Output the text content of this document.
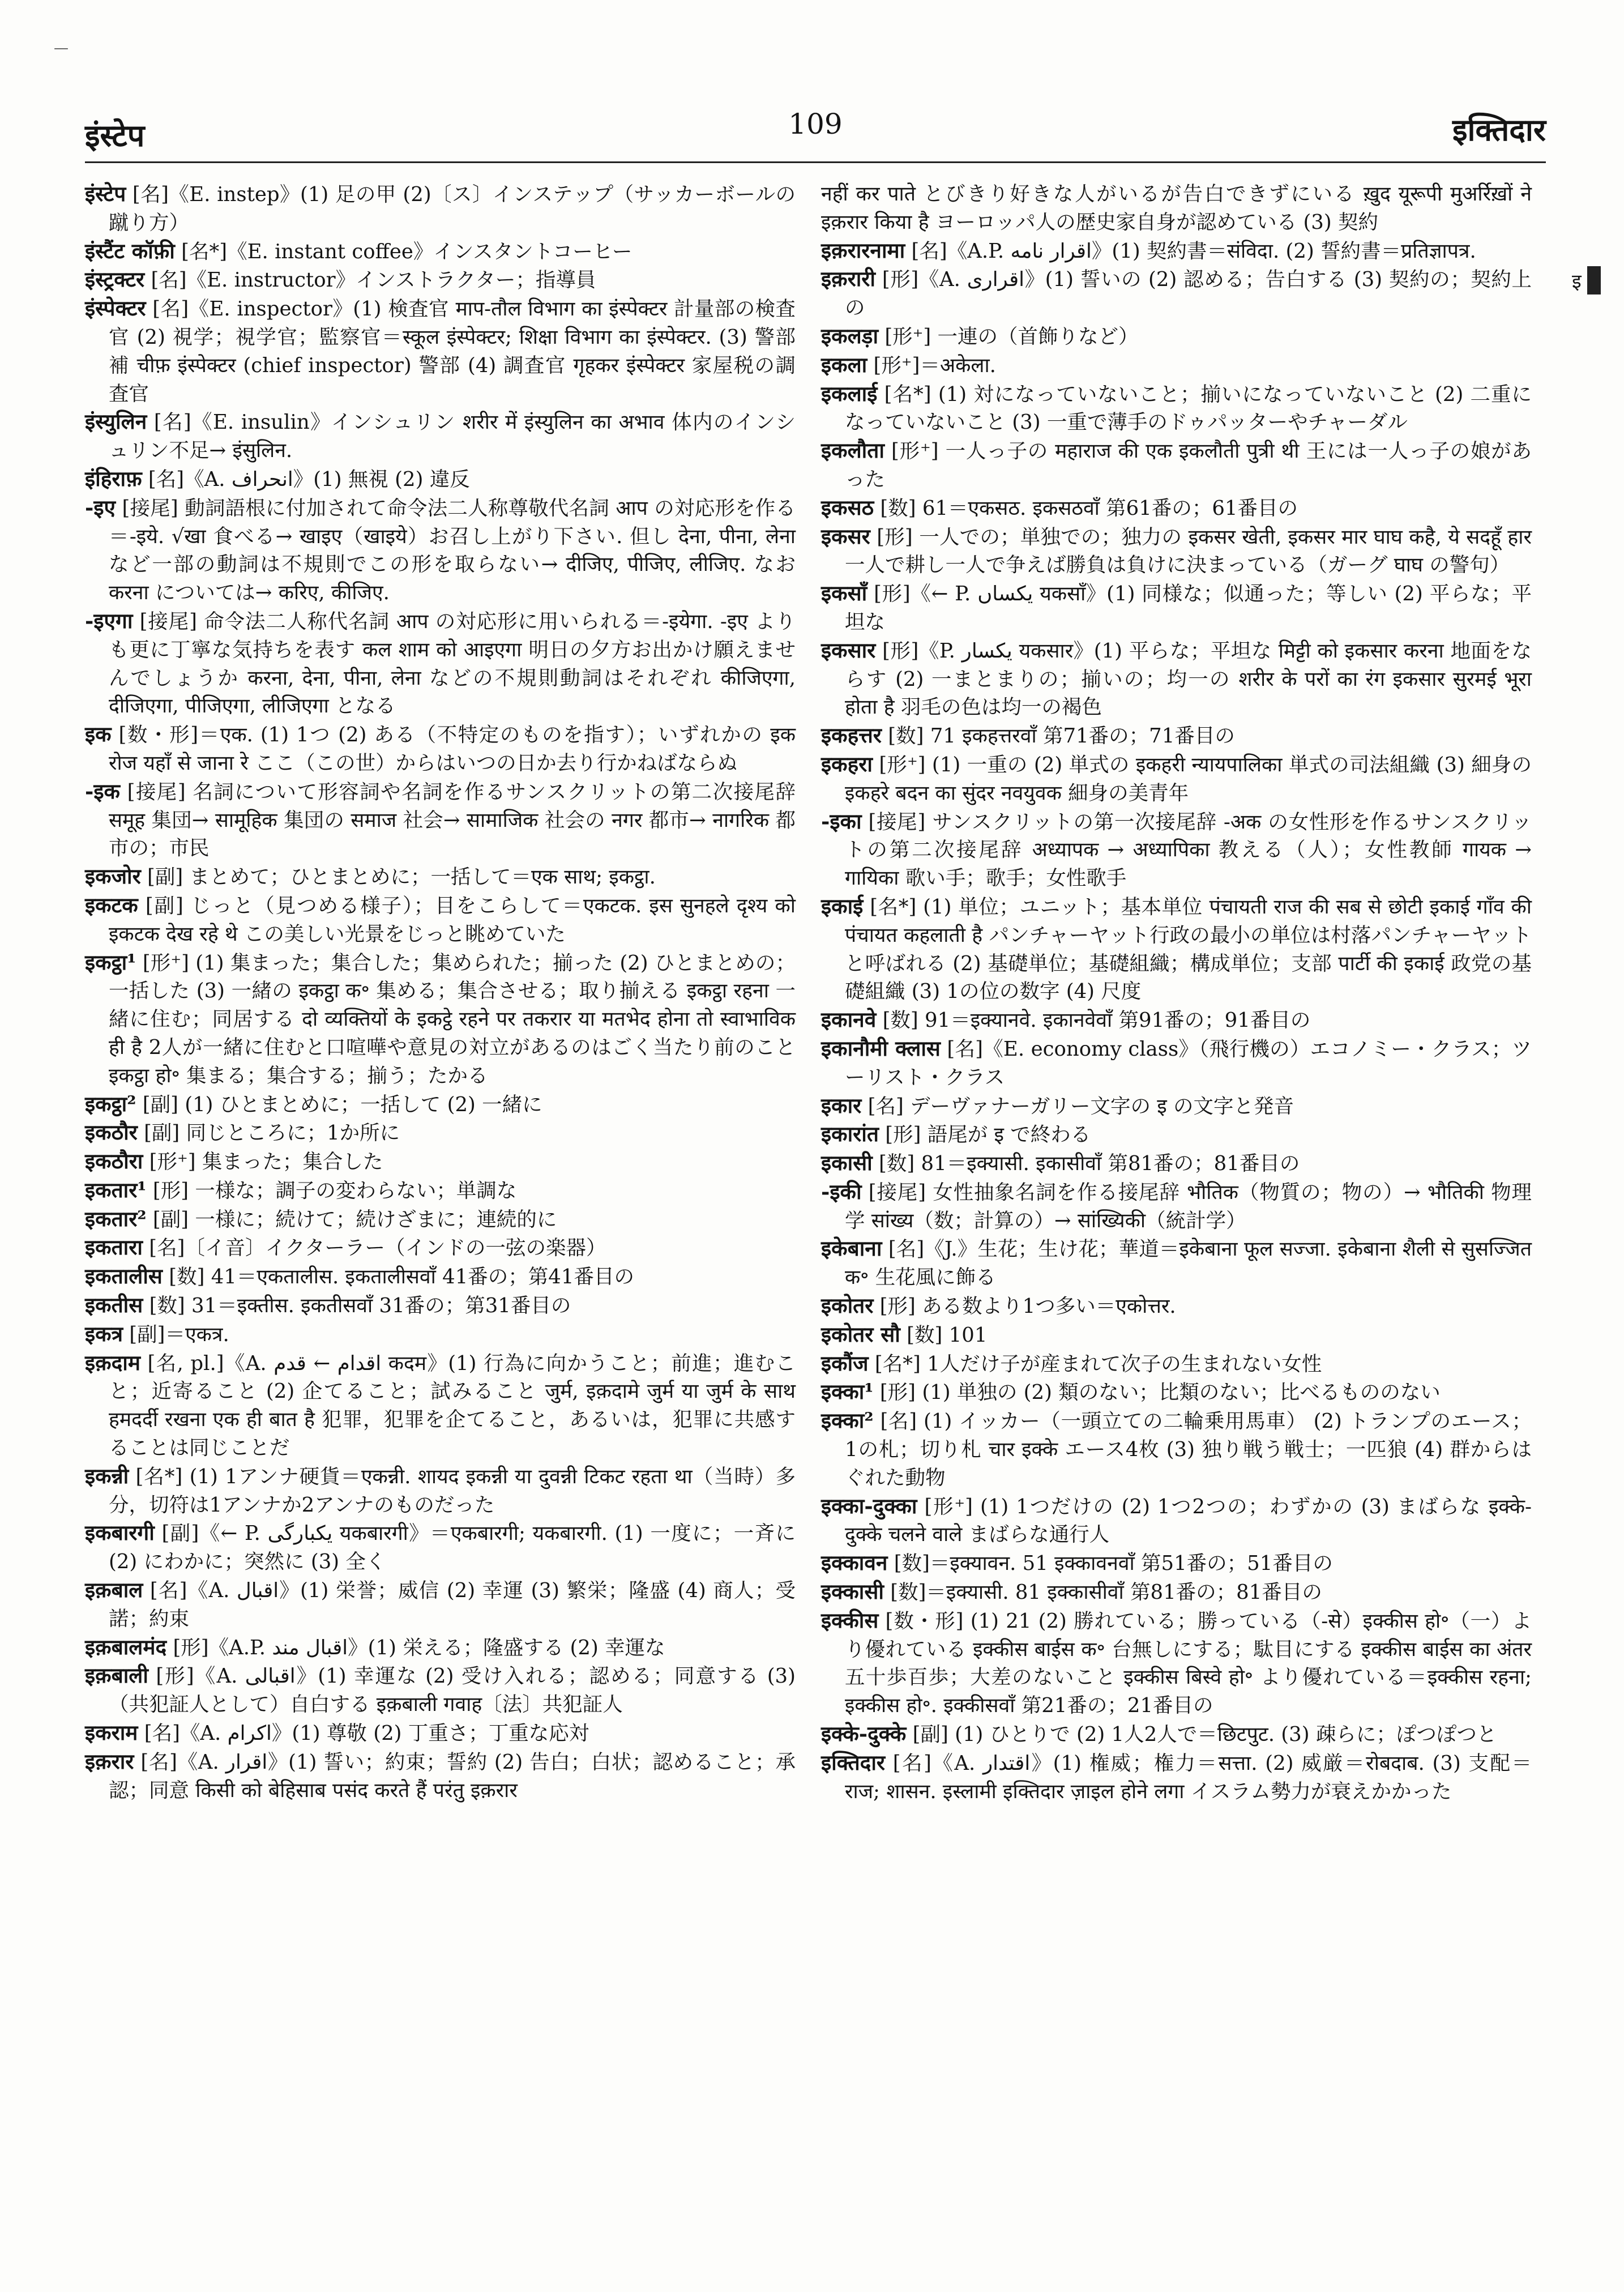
—
इंस्टेप	109	इक्तिदार
इ

इंस्टेप [名]《E. instep》(1) 足の甲 (2)〔ス〕インステップ（サッカーボールの蹴り方）

इंस्टैंट कॉफ़ी [名*]《E. instant coffee》インスタントコーヒー

इंस्ट्रक्टर [名]《E. instructor》インストラクター；指導員

इंस्पेक्टर [名]《E. inspector》(1) 検査官 माप-तौल विभाग का इंस्पेक्टर 計量部の検査官 (2) 視学；視学官；監察官＝स्कूल इंस्पेक्टर; शिक्षा विभाग का इंस्पेक्टर. (3) 警部補 चीफ़ इंस्पेक्टर (chief inspector) 警部 (4) 調査官 गृहकर इंस्पेक्टर 家屋税の調査官

इंस्युलिन [名]《E. insulin》インシュリン शरीर में इंस्युलिन का अभाव 体内のインシュリン不足→ इंसुलिन.

इंहिराफ़ [名]《A. انحراف》(1) 無視 (2) 違反

-इए [接尾] 動詞語根に付加されて命令法二人称尊敬代名詞 आप の対応形を作る＝-इये. √खा 食べる→ खाइए（खाइये）お召し上がり下さい. 但し देना, पीना, लेना など一部の動詞は不規則でこの形を取らない→ दीजिए, पीजिए, लीजिए. なお करना については→ करिए, कीजिए.

-इएगा [接尾] 命令法二人称代名詞 आप の対応形に用いられる＝-इयेगा. -इए よりも更に丁寧な気持ちを表す कल शाम को आइएगा 明日の夕方お出かけ願えませんでしょうか करना, देना, पीना, लेना などの不規則動詞はそれぞれ कीजिएगा, दीजिएगा, पीजिएगा, लीजिएगा となる

इक [数・形]＝एक. (1) 1つ (2) ある（不特定のものを指す）；いずれかの इक रोज यहाँ से जाना रे ここ（この世）からはいつの日か去り行かねばならぬ

-इक [接尾] 名詞について形容詞や名詞を作るサンスクリットの第二次接尾辞 समूह 集団→ सामूहिक 集団の समाज 社会→ सामाजिक 社会の नगर 都市→ नागरिक 都市の；市民

इकजोर [副] まとめて；ひとまとめに；一括して＝एक साथ; इकट्ठा.

इकटक [副] じっと（見つめる様子）；目をこらして＝एकटक. इस सुनहले दृश्य को इकटक देख रहे थे この美しい光景をじっと眺めていた

इकट्ठा¹ [形⁺] (1) 集まった；集合した；集められた；揃った (2) ひとまとめの；一括した (3) 一緒の इकट्ठा क॰ 集める；集合させる；取り揃える इकट्ठा रहना 一緒に住む；同居する दो व्यक्तियों के इकट्ठे रहने पर तकरार या मतभेद होना तो स्वाभाविक ही है 2人が一緒に住むと口喧嘩や意見の対立があるのはごく当たり前のこと इकट्ठा हो॰ 集まる；集合する；揃う；たかる

इकट्ठा² [副] (1) ひとまとめに；一括して (2) 一緒に

इकठौर [副] 同じところに；1か所に

इकठौरा [形⁺] 集まった；集合した

इकतार¹ [形] 一様な；調子の変わらない；単調な

इकतार² [副] 一様に；続けて；続けざまに；連続的に

इकतारा [名]〔イ音〕イクターラー（インドの一弦の楽器）

इकतालीस [数] 41＝एकतालीस. इकतालीसवाँ 41番の；第41番目の

इकतीस [数] 31＝इक्तीस. इकतीसवाँ 31番の；第31番目の

इकत्र [副]＝एकत्र.

इक़दाम [名, pl.]《A. اقدام ← قدم कदम》(1) 行為に向かうこと；前進；進むこと；近寄ること (2) 企てること；試みること जुर्म, इक़दामे जुर्म या जुर्म के साथ हमदर्दी रखना एक ही बात है 犯罪，犯罪を企てること，あるいは，犯罪に共感することは同じことだ

इकन्नी [名*] (1) 1アンナ硬貨＝एकन्नी. शायद इकन्नी या दुवन्नी टिकट रहता था（当時）多分，切符は1アンナか2アンナのものだった

इकबारगी [副]《← P. یکبارگی यकबारगी》＝एकबारगी; यकबारगी. (1) 一度に；一斉に (2) にわかに；突然に (3) 全く

इक़बाल [名]《A. اقبال》(1) 栄誉；威信 (2) 幸運 (3) 繁栄；隆盛 (4) 商人；受諾；約束

इक़बालमंद [形]《A.P. اقبال مند》(1) 栄える；隆盛する (2) 幸運な

इक़बाली [形]《A. اقبالی》(1) 幸運な (2) 受け入れる；認める；同意する (3)（共犯証人として）自白する इक़बाली गवाह〔法〕共犯証人

इकराम [名]《A. اکرام》(1) 尊敬 (2) 丁重さ；丁重な応対

इक़रार [名]《A. اقرار》(1) 誓い；約束；誓約 (2) 告白；白状；認めること；承認；同意 किसी को बेहिसाब पसंद करते हैं परंतु इक़रार

नहीं कर पाते とびきり好きな人がいるが告白できずにいる ख़ुद यूरूपी मुअर्रिख़ों ने इक़रार किया है ヨーロッパ人の歴史家自身が認めている (3) 契約

इक़रारनामा [名]《A.P. اقرار نامه》(1) 契約書＝संविदा. (2) 誓約書＝प्रतिज्ञापत्र.

इक़रारी [形]《A. اقراری》(1) 誓いの (2) 認める；告白する (3) 契約の；契約上の

इकलड़ा [形⁺] 一連の（首飾りなど）

इकला [形⁺]＝अकेला.

इकलाई [名*] (1) 対になっていないこと；揃いになっていないこと (2) 二重になっていないこと (3) 一重で薄手のドゥパッターやチャーダル

इकलौता [形⁺] 一人っ子の महाराज की एक इकलौती पुत्री थी 王には一人っ子の娘があった

इकसठ [数] 61＝एकसठ. इकसठवाँ 第61番の；61番目の

इकसर [形] 一人での；単独での；独力の इकसर खेती, इकसर मार घाघ कहै, ये सदहूँ हार 一人で耕し一人で争えば勝負は負けに決まっている（ガーグ घाघ の警句）

इकसाँ [形]《← P. یکساں यकसाँ》(1) 同様な；似通った；等しい (2) 平らな；平坦な

इकसार [形]《P. یکسار यकसार》(1) 平らな；平坦な मिट्टी को इकसार करना 地面をならす (2) 一まとまりの；揃いの；均一の शरीर के परों का रंग इकसार सुरमई भूरा होता है 羽毛の色は均一の褐色

इकहत्तर [数] 71 इकहत्तरवाँ 第71番の；71番目の

इकहरा [形⁺] (1) 一重の (2) 単式の इकहरी न्यायपालिका 単式の司法組織 (3) 細身の इकहरे बदन का सुंदर नवयुवक 細身の美青年

-इका [接尾] サンスクリットの第一次接尾辞 -अक の女性形を作るサンスクリットの第二次接尾辞 अध्यापक → अध्यापिका 教える（人）；女性教師 गायक → गायिका 歌い手；歌手；女性歌手

इकाई [名*] (1) 単位；ユニット；基本単位 पंचायती राज की सब से छोटी इकाई गाँव की पंचायत कहलाती है パンチャーヤット行政の最小の単位は村落パンチャーヤットと呼ばれる (2) 基礎単位；基礎組織；構成単位；支部 पार्टी की इकाई 政党の基礎組織 (3) 1の位の数字 (4) 尺度

इकानवे [数] 91＝इक्यानवे. इकानवेवाँ 第91番の；91番目の

इकानौमी क्लास [名]《E. economy class》（飛行機の）エコノミー・クラス；ツーリスト・クラス

इकार [名] デーヴァナーガリー文字の इ の文字と発音

इकारांत [形] 語尾が इ で終わる

इकासी [数] 81＝इक्यासी. इकासीवाँ 第81番の；81番目の

-इकी [接尾] 女性抽象名詞を作る接尾辞 भौतिक（物質の；物の）→ भौतिकी 物理学 सांख्य（数；計算の）→ सांख्यिकी（統計学）

इकेबाना [名]《J.》生花；生け花；華道＝इकेबाना फूल सज्जा. इकेबाना शैली से सुसज्जित क॰ 生花風に飾る

इकोतर [形] ある数より1つ多い＝एकोत्तर.

इकोतर सौ [数] 101

इकौंज [名*] 1人だけ子が産まれて次子の生まれない女性

इक्का¹ [形] (1) 単独の (2) 類のない；比類のない；比べるもののない

इक्का² [名] (1) イッカー（一頭立ての二輪乗用馬車） (2) トランプのエース；1の札；切り札 चार इक्के エース4枚 (3) 独り戦う戦士；一匹狼 (4) 群からはぐれた動物

इक्का-दुक्का [形⁺] (1) 1つだけの (2) 1つ2つの；わずかの (3) まばらな इक्के-दुक्के चलने वाले まばらな通行人

इक्कावन [数]＝इक्यावन. 51 इक्कावनवाँ 第51番の；51番目の

इक्कासी [数]＝इक्यासी. 81 इक्कासीवाँ 第81番の；81番目の

इक्कीस [数・形] (1) 21 (2) 勝れている；勝っている（-से）इक्कीस हो॰（一）より優れている इक्कीस बाईस क॰ 台無しにする；駄目にする इक्कीस बाईस का अंतर 五十歩百歩；大差のないこと इक्कीस बिस्वे हो॰ より優れている＝इक्कीस रहना; इक्कीस हो॰. इक्कीसवाँ 第21番の；21番目の

इक्के-दुक्के [副] (1) ひとりで (2) 1人2人で＝छिटपुट. (3) 疎らに；ぽつぽつと

इक्तिदार [名]《A. اقتدار》(1) 権威；権力＝सत्ता. (2) 威厳＝रोबदाब. (3) 支配＝राज; शासन. इस्लामी इक्तिदार ज़ाइल होने लगा イスラム勢力が衰えかかった
